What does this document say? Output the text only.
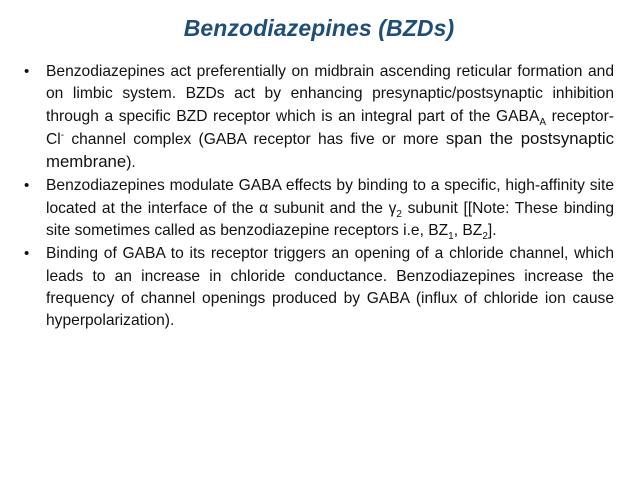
Benzodiazepines (BZDs)
•	Benzodiazepines act preferentially on midbrain ascending reticular formation and on limbic system. BZDs act by enhancing presynaptic/postsynaptic inhibition through a specific BZD receptor which is an integral part of the $GABA_A$ receptor-Cl- channel complex (GABA receptor has five or more span the postsynaptic membrane).
•	Benzodiazepines modulate GABA effects by binding to a specific, high-affinity site located at the interface of the α subunit and the $\gamma_2$ subunit [[Note: These binding site sometimes called as benzodiazepine receptors i.e, $BZ_1$, $BZ_2$].
•	Binding of GABA to its receptor triggers an opening of a chloride channel, which leads to an increase in chloride conductance. Benzodiazepines increase the frequency of channel openings produced by GABA (influx of chloride ion cause hyperpolarization).
